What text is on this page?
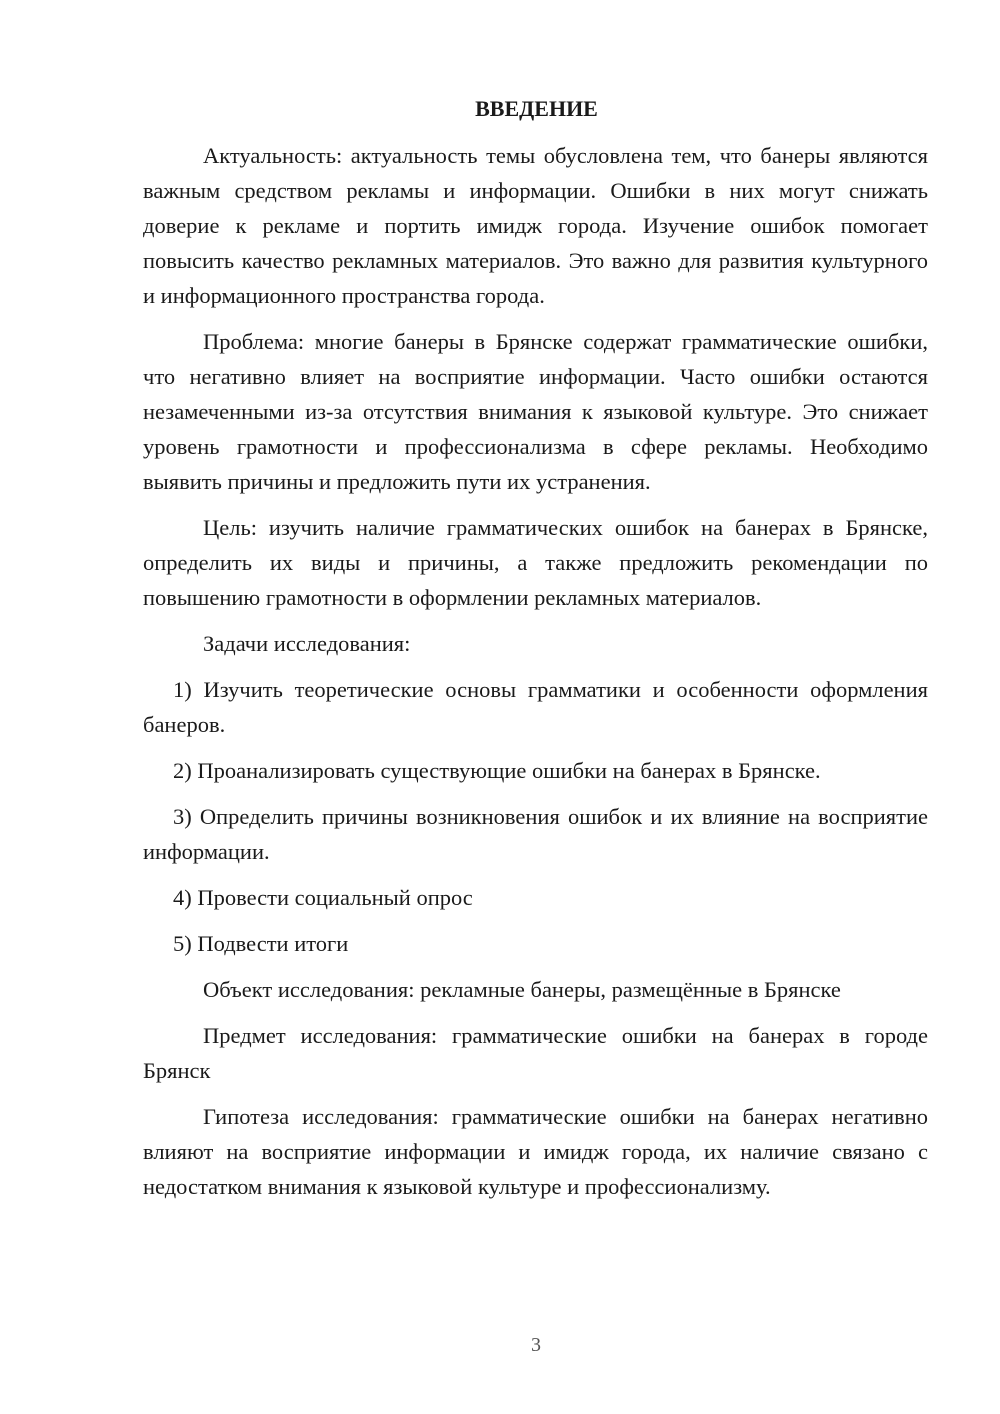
ВВЕДЕНИЕ

Актуальность: актуальность темы обусловлена тем, что банеры являются важным средством рекламы и информации. Ошибки в них могут снижать доверие к рекламе и портить имидж города. Изучение ошибок помогает повысить качество рекламных материалов. Это важно для развития культурного и информационного пространства города.

Проблема: многие банеры в Брянске содержат грамматические ошибки, что негативно влияет на восприятие информации. Часто ошибки остаются незамеченными из-за отсутствия внимания к языковой культуре. Это снижает уровень грамотности и профессионализма в сфере рекламы. Необходимо выявить причины и предложить пути их устранения.

Цель: изучить наличие грамматических ошибок на банерах в Брянске, определить их виды и причины, а также предложить рекомендации по повышению грамотности в оформлении рекламных материалов.

Задачи исследования:

1) Изучить теоретические основы грамматики и особенности оформления банеров.

2) Проанализировать существующие ошибки на банерах в Брянске.

3) Определить причины возникновения ошибок и их влияние на восприятие информации.

4) Провести социальный опрос

5) Подвести итоги

Объект исследования: рекламные банеры, размещённые в Брянске

Предмет исследования: грамматические ошибки на банерах в городе Брянск

Гипотеза исследования: грамматические ошибки на банерах негативно влияют на восприятие информации и имидж города, их наличие связано с недостатком внимания к языковой культуре и профессионализму.

3
